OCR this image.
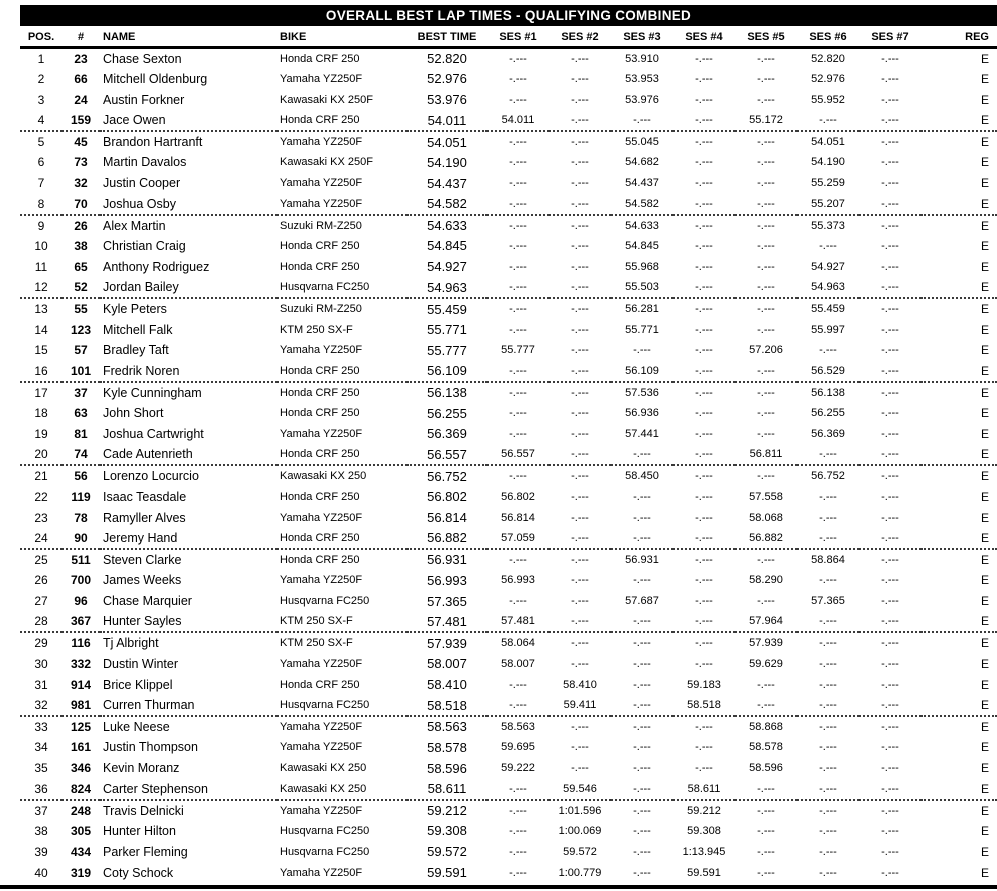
OVERALL BEST LAP TIMES - QUALIFYING COMBINED
POS.	#	NAME	BIKE	BEST TIME	SES #1	SES #2	SES #3	SES #4	SES #5	SES #6	SES #7	REG
1	23	Chase Sexton	Honda CRF 250	52.820	-.---	-.---	53.910	-.---	-.---	52.820	-.---	E
2	66	Mitchell Oldenburg	Yamaha YZ250F	52.976	-.---	-.---	53.953	-.---	-.---	52.976	-.---	E
3	24	Austin Forkner	Kawasaki KX 250F	53.976	-.---	-.---	53.976	-.---	-.---	55.952	-.---	E
4	159	Jace Owen	Honda CRF 250	54.011	54.011	-.---	-.---	-.---	55.172	-.---	-.---	E
5	45	Brandon Hartranft	Yamaha YZ250F	54.051	-.---	-.---	55.045	-.---	-.---	54.051	-.---	E
6	73	Martin Davalos	Kawasaki KX 250F	54.190	-.---	-.---	54.682	-.---	-.---	54.190	-.---	E
7	32	Justin Cooper	Yamaha YZ250F	54.437	-.---	-.---	54.437	-.---	-.---	55.259	-.---	E
8	70	Joshua Osby	Yamaha YZ250F	54.582	-.---	-.---	54.582	-.---	-.---	55.207	-.---	E
9	26	Alex Martin	Suzuki RM-Z250	54.633	-.---	-.---	54.633	-.---	-.---	55.373	-.---	E
10	38	Christian Craig	Honda CRF 250	54.845	-.---	-.---	54.845	-.---	-.---	-.---	-.---	E
11	65	Anthony Rodriguez	Honda CRF 250	54.927	-.---	-.---	55.968	-.---	-.---	54.927	-.---	E
12	52	Jordan Bailey	Husqvarna FC250	54.963	-.---	-.---	55.503	-.---	-.---	54.963	-.---	E
13	55	Kyle Peters	Suzuki RM-Z250	55.459	-.---	-.---	56.281	-.---	-.---	55.459	-.---	E
14	123	Mitchell Falk	KTM 250 SX-F	55.771	-.---	-.---	55.771	-.---	-.---	55.997	-.---	E
15	57	Bradley Taft	Yamaha YZ250F	55.777	55.777	-.---	-.---	-.---	57.206	-.---	-.---	E
16	101	Fredrik Noren	Honda CRF 250	56.109	-.---	-.---	56.109	-.---	-.---	56.529	-.---	E
17	37	Kyle Cunningham	Honda CRF 250	56.138	-.---	-.---	57.536	-.---	-.---	56.138	-.---	E
18	63	John Short	Honda CRF 250	56.255	-.---	-.---	56.936	-.---	-.---	56.255	-.---	E
19	81	Joshua Cartwright	Yamaha YZ250F	56.369	-.---	-.---	57.441	-.---	-.---	56.369	-.---	E
20	74	Cade Autenrieth	Honda CRF 250	56.557	56.557	-.---	-.---	-.---	56.811	-.---	-.---	E
21	56	Lorenzo Locurcio	Kawasaki KX 250	56.752	-.---	-.---	58.450	-.---	-.---	56.752	-.---	E
22	119	Isaac Teasdale	Honda CRF 250	56.802	56.802	-.---	-.---	-.---	57.558	-.---	-.---	E
23	78	Ramyller Alves	Yamaha YZ250F	56.814	56.814	-.---	-.---	-.---	58.068	-.---	-.---	E
24	90	Jeremy Hand	Honda CRF 250	56.882	57.059	-.---	-.---	-.---	56.882	-.---	-.---	E
25	511	Steven Clarke	Honda CRF 250	56.931	-.---	-.---	56.931	-.---	-.---	58.864	-.---	E
26	700	James Weeks	Yamaha YZ250F	56.993	56.993	-.---	-.---	-.---	58.290	-.---	-.---	E
27	96	Chase Marquier	Husqvarna FC250	57.365	-.---	-.---	57.687	-.---	-.---	57.365	-.---	E
28	367	Hunter Sayles	KTM 250 SX-F	57.481	57.481	-.---	-.---	-.---	57.964	-.---	-.---	E
29	116	Tj Albright	KTM 250 SX-F	57.939	58.064	-.---	-.---	-.---	57.939	-.---	-.---	E
30	332	Dustin Winter	Yamaha YZ250F	58.007	58.007	-.---	-.---	-.---	59.629	-.---	-.---	E
31	914	Brice Klippel	Honda CRF 250	58.410	-.---	58.410	-.---	59.183	-.---	-.---	-.---	E
32	981	Curren Thurman	Husqvarna FC250	58.518	-.---	59.411	-.---	58.518	-.---	-.---	-.---	E
33	125	Luke Neese	Yamaha YZ250F	58.563	58.563	-.---	-.---	-.---	58.868	-.---	-.---	E
34	161	Justin Thompson	Yamaha YZ250F	58.578	59.695	-.---	-.---	-.---	58.578	-.---	-.---	E
35	346	Kevin Moranz	Kawasaki KX 250	58.596	59.222	-.---	-.---	-.---	58.596	-.---	-.---	E
36	824	Carter Stephenson	Kawasaki KX 250	58.611	-.---	59.546	-.---	58.611	-.---	-.---	-.---	E
37	248	Travis Delnicki	Yamaha YZ250F	59.212	-.---	1:01.596	-.---	59.212	-.---	-.---	-.---	E
38	305	Hunter Hilton	Husqvarna FC250	59.308	-.---	1:00.069	-.---	59.308	-.---	-.---	-.---	E
39	434	Parker Fleming	Husqvarna FC250	59.572	-.---	59.572	-.---	1:13.945	-.---	-.---	-.---	E
40	319	Coty Schock	Yamaha YZ250F	59.591	-.---	1:00.779	-.---	59.591	-.---	-.---	-.---	E
